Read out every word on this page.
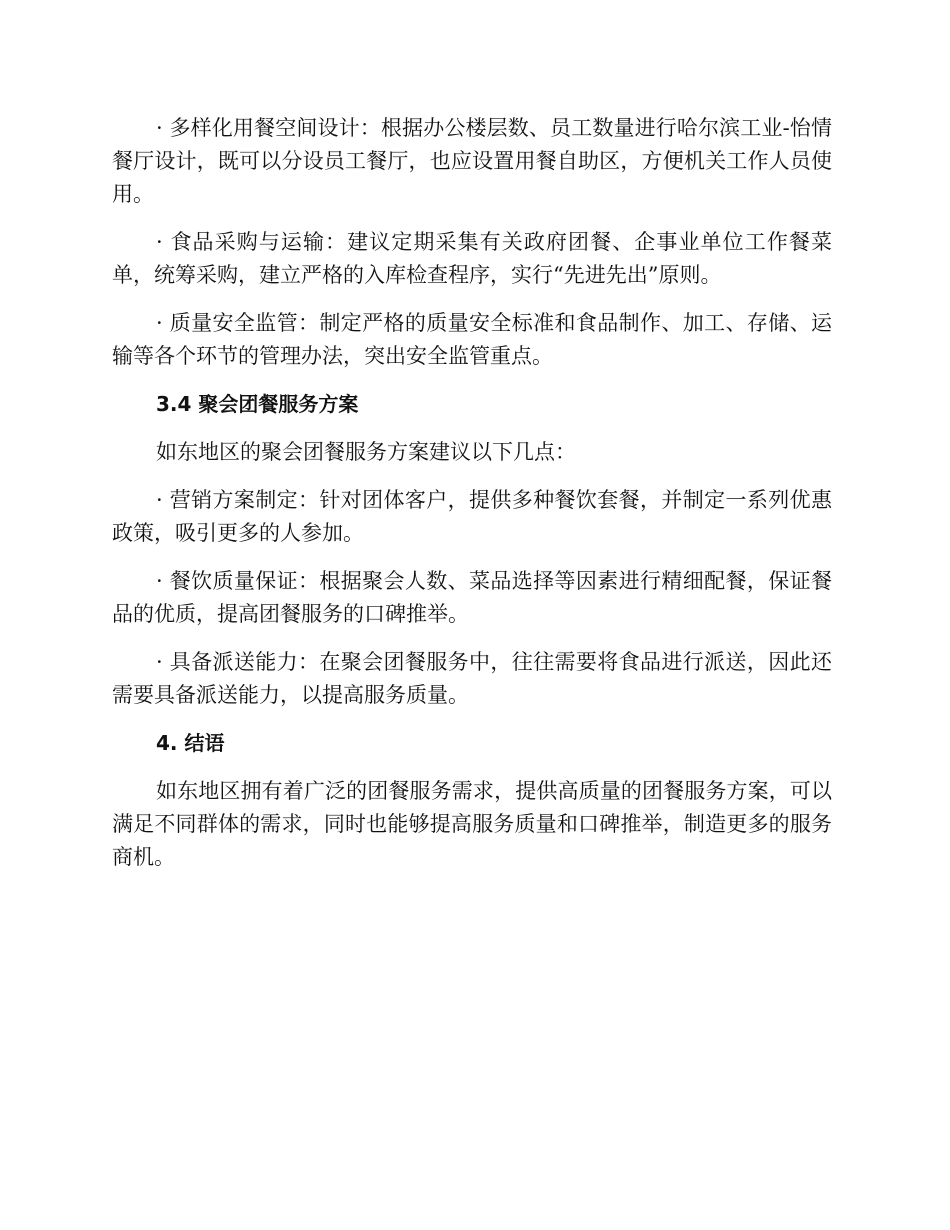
· 多样化用餐空间设计：根据办公楼层数、员工数量进行哈尔滨工业-怡情餐厅设计，既可以分设员工餐厅，也应设置用餐自助区，方便机关工作人员使用。

· 食品采购与运输：建议定期采集有关政府团餐、企事业单位工作餐菜单，统筹采购，建立严格的入库检查程序，实行“先进先出”原则。

· 质量安全监管：制定严格的质量安全标准和食品制作、加工、存储、运输等各个环节的管理办法，突出安全监管重点。

3.4 聚会团餐服务方案

如东地区的聚会团餐服务方案建议以下几点：

· 营销方案制定：针对团体客户，提供多种餐饮套餐，并制定一系列优惠政策，吸引更多的人参加。

· 餐饮质量保证：根据聚会人数、菜品选择等因素进行精细配餐，保证餐品的优质，提高团餐服务的口碑推举。

· 具备派送能力：在聚会团餐服务中，往往需要将食品进行派送，因此还需要具备派送能力，以提高服务质量。

4. 结语

如东地区拥有着广泛的团餐服务需求，提供高质量的团餐服务方案，可以满足不同群体的需求，同时也能够提高服务质量和口碑推举，制造更多的服务商机。
